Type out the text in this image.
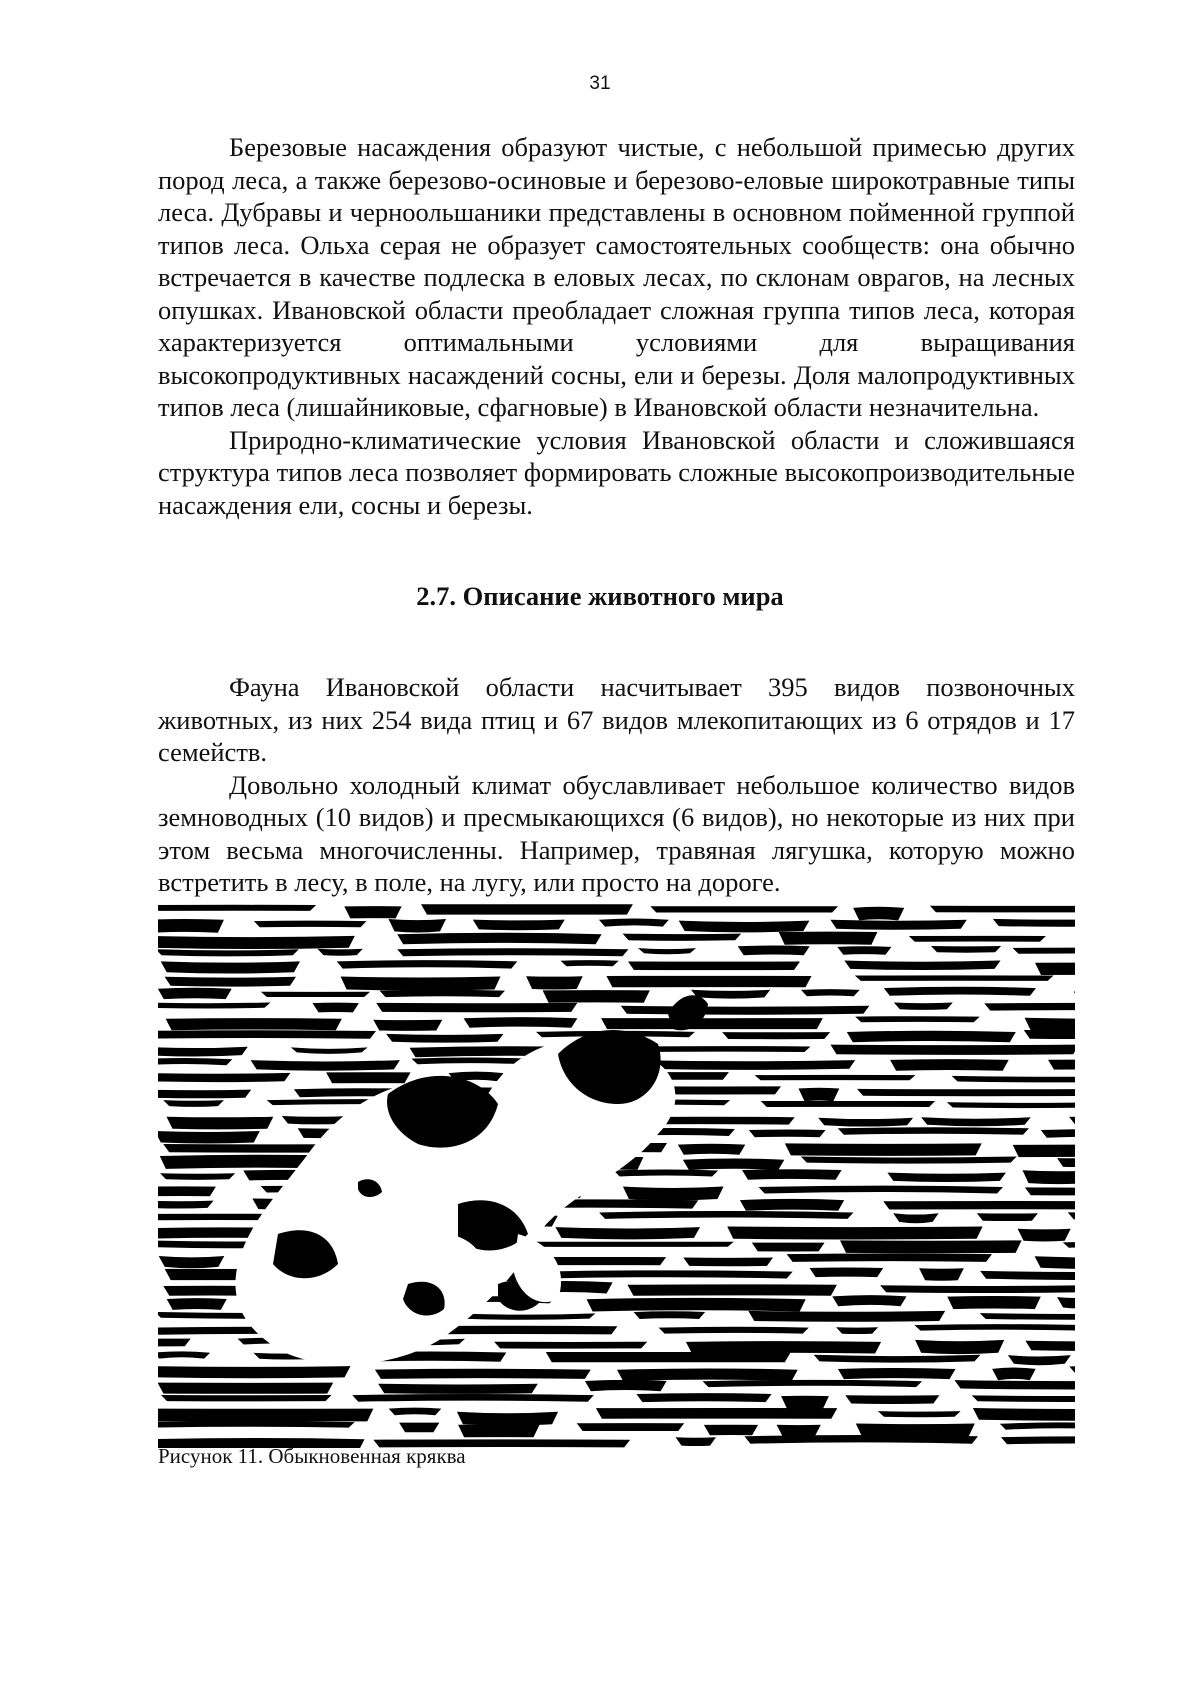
31

Березовые насаждения образуют чистые, с небольшой примесью других пород леса, а также березово-осиновые и березово-еловые широкотравные типы леса. Дубравы и черноольшаники представлены в основном пойменной группой типов леса. Ольха серая не образует самостоятельных сообществ: она обычно встречается в качестве подлеска в еловых лесах, по склонам оврагов, на лесных опушках. Ивановской области преобладает сложная группа типов леса, которая характеризуется оптимальными условиями для выращивания высокопродуктивных насаждений сосны, ели и березы. Доля малопродуктивных типов леса (лишайниковые, сфагновые) в Ивановской области незначительна.

Природно-климатические условия Ивановской области и сложившаяся структура типов леса позволяет формировать сложные высокопроизводительные насаждения ели, сосны и березы.

2.7. Описание животного мира

Фауна Ивановской области насчитывает 395 видов позвоночных животных, из них 254 вида птиц и 67 видов млекопитающих из 6 отрядов и 17 семейств.

Довольно холодный климат обуславливает небольшое количество видов земноводных (10 видов) и пресмыкающихся (6 видов), но некоторые из них при этом весьма многочисленны. Например, травяная лягушка, которую можно встретить в лесу, в поле, на лугу, или просто на дороге.

Рисунок 11. Обыкновенная кряква
